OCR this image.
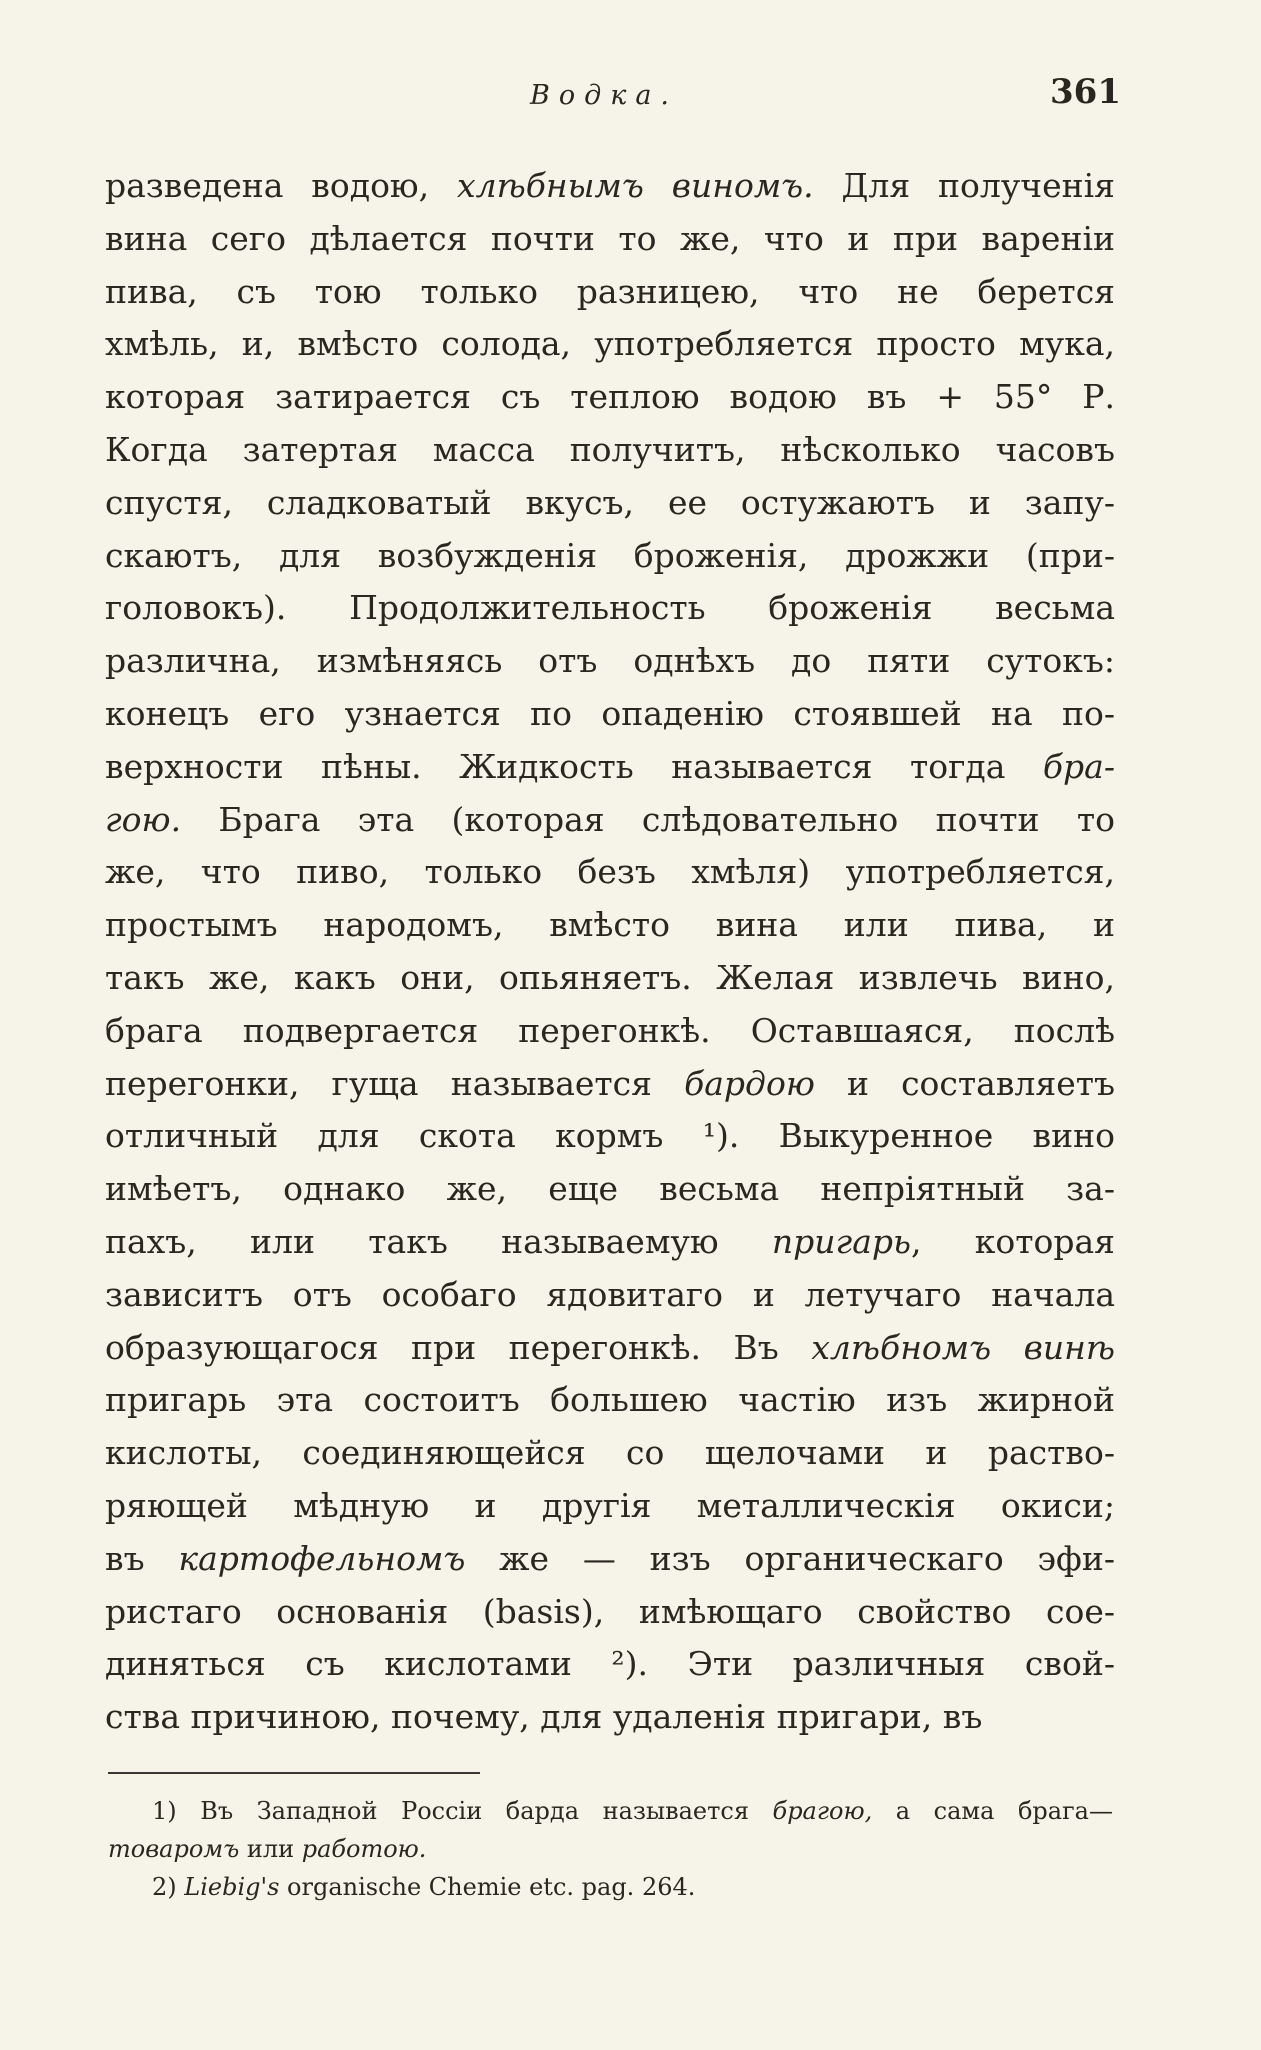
Водка.	361
разведена водою, хлѣбнымъ виномъ. Для полученія
вина сего дѣлается почти то же, что и при вареніи
пива, съ тою только разницею, что не берется
хмѣль, и, вмѣсто солода, употребляется просто мука,
которая затирается съ теплою водою въ + 55° Р.
Когда затертая масса получитъ, нѣсколько часовъ
спустя, сладковатый вкусъ, ее остужаютъ и запу-
скаютъ, для возбужденія броженія, дрожжи (при-
головокъ). Продолжительность броженія весьма
различна, измѣняясь отъ однѣхъ до пяти сутокъ:
конецъ его узнается по опаденію стоявшей на по-
верхности пѣны. Жидкость называется тогда бра-
гою. Брага эта (которая слѣдовательно почти то
же, что пиво, только безъ хмѣля) употребляется,
простымъ народомъ, вмѣсто вина или пива, и
такъ же, какъ они, опьяняетъ. Желая извлечь вино,
брага подвергается перегонкѣ. Оставшаяся, послѣ
перегонки, гуща называется бардою и составляетъ
отличный для скота кормъ ¹). Выкуренное вино
имѣетъ, однако же, еще весьма непріятный за-
пахъ, или такъ называемую пригарь, которая
зависитъ отъ особаго ядовитаго и летучаго начала
образующагося при перегонкѣ. Въ хлѣбномъ винѣ
пригарь эта состоитъ большею частію изъ жирной
кислоты, соединяющейся со щелочами и раство-
ряющей мѣдную и другія металлическія окиси;
въ картофельномъ же — изъ органическаго эфи-
ристаго основанія (basis), имѣющаго свойство сое-
диняться съ кислотами ²). Эти различныя свой-
ства причиною, почему, для удаленія пригари, въ
1) Въ Западной Россіи барда называется брагою, а сама брага—
товаромъ или работою.
2) Liebig's organische Chemie etc. pag. 264.
